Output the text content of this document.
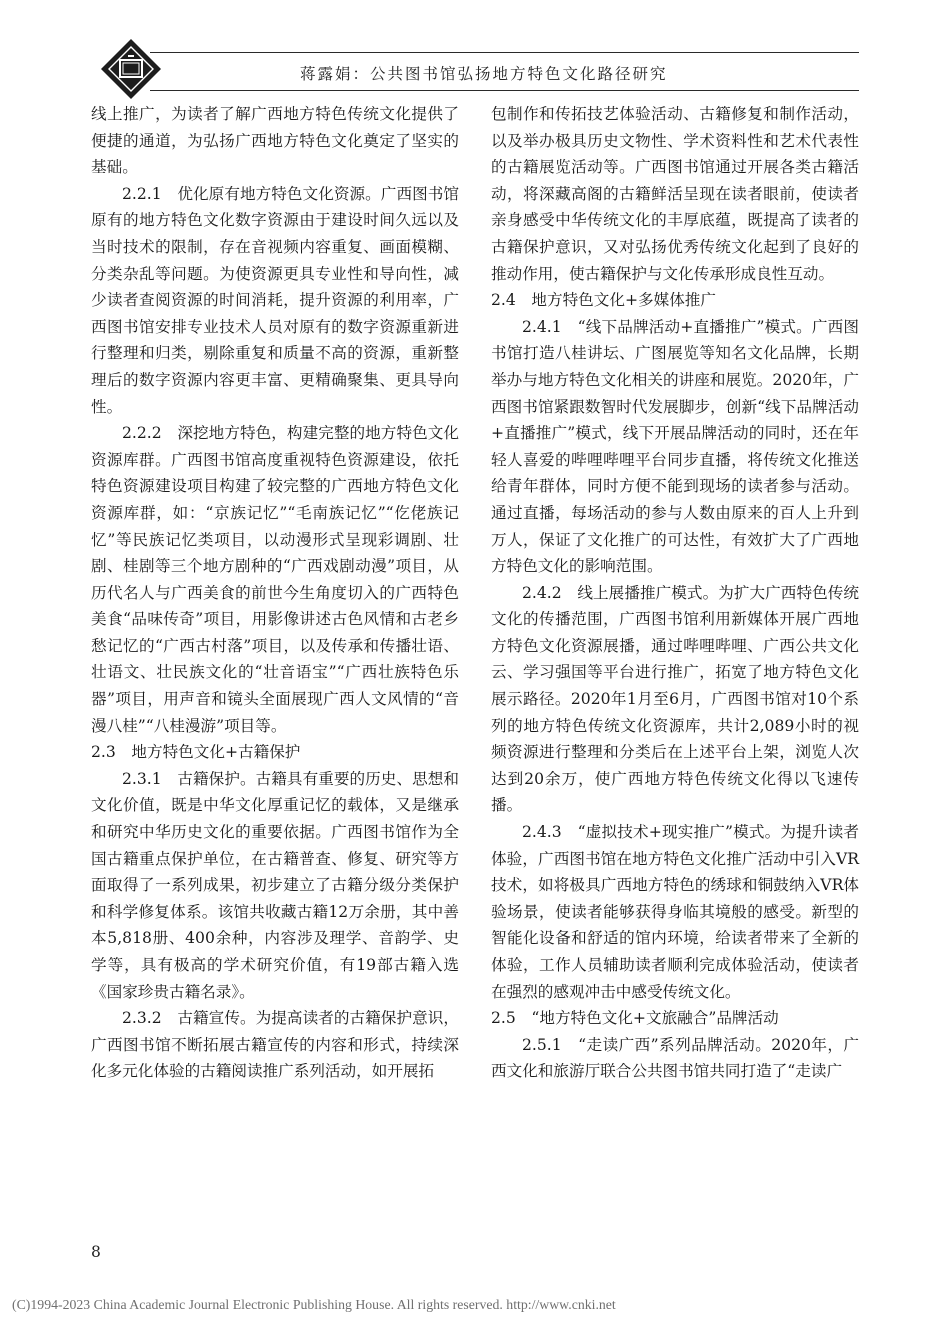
蒋露娟：公共图书馆弘扬地方特色文化路径研究

线上推广，为读者了解广西地方特色传统文化提供了便捷的通道，为弘扬广西地方特色文化奠定了坚实的基础。

2.2.1　优化原有地方特色文化资源。广西图书馆原有的地方特色文化数字资源由于建设时间久远以及当时技术的限制，存在音视频内容重复、画面模糊、分类杂乱等问题。为使资源更具专业性和导向性，减少读者查阅资源的时间消耗，提升资源的利用率，广西图书馆安排专业技术人员对原有的数字资源重新进行整理和归类，剔除重复和质量不高的资源，重新整理后的数字资源内容更丰富、更精确聚集、更具导向性。

2.2.2　深挖地方特色，构建完整的地方特色文化资源库群。广西图书馆高度重视特色资源建设，依托特色资源建设项目构建了较完整的广西地方特色文化资源库群，如：“京族记忆”“毛南族记忆”“仡佬族记忆”等民族记忆类项目，以动漫形式呈现彩调剧、壮剧、桂剧等三个地方剧种的“广西戏剧动漫”项目，从历代名人与广西美食的前世今生角度切入的广西特色美食“品味传奇”项目，用影像讲述古色风情和古老乡愁记忆的“广西古村落”项目，以及传承和传播壮语、壮语文、壮民族文化的“壮音语宝”“广西壮族特色乐器”项目，用声音和镜头全面展现广西人文风情的“音漫八桂”“八桂漫游”项目等。

2.3　地方特色文化+古籍保护

2.3.1　古籍保护。古籍具有重要的历史、思想和文化价值，既是中华文化厚重记忆的载体，又是继承和研究中华历史文化的重要依据。广西图书馆作为全国古籍重点保护单位，在古籍普查、修复、研究等方面取得了一系列成果，初步建立了古籍分级分类保护和科学修复体系。该馆共收藏古籍12万余册，其中善本5,818册、400余种，内容涉及理学、音韵学、史学等，具有极高的学术研究价值，有19部古籍入选《国家珍贵古籍名录》。

2.3.2　古籍宣传。为提高读者的古籍保护意识，广西图书馆不断拓展古籍宣传的内容和形式，持续深化多元化体验的古籍阅读推广系列活动，如开展拓

包制作和传拓技艺体验活动、古籍修复和制作活动，以及举办极具历史文物性、学术资料性和艺术代表性的古籍展览活动等。广西图书馆通过开展各类古籍活动，将深藏高阁的古籍鲜活呈现在读者眼前，使读者亲身感受中华传统文化的丰厚底蕴，既提高了读者的古籍保护意识，又对弘扬优秀传统文化起到了良好的推动作用，使古籍保护与文化传承形成良性互动。

2.4　地方特色文化+多媒体推广

2.4.1　“线下品牌活动+直播推广”模式。广西图书馆打造八桂讲坛、广图展览等知名文化品牌，长期举办与地方特色文化相关的讲座和展览。2020年，广西图书馆紧跟数智时代发展脚步，创新“线下品牌活动+直播推广”模式，线下开展品牌活动的同时，还在年轻人喜爱的哔哩哔哩平台同步直播，将传统文化推送给青年群体，同时方便不能到现场的读者参与活动。通过直播，每场活动的参与人数由原来的百人上升到万人，保证了文化推广的可达性，有效扩大了广西地方特色文化的影响范围。

2.4.2　线上展播推广模式。为扩大广西特色传统文化的传播范围，广西图书馆利用新媒体开展广西地方特色文化资源展播，通过哔哩哔哩、广西公共文化云、学习强国等平台进行推广，拓宽了地方特色文化展示路径。2020年1月至6月，广西图书馆对10个系列的地方特色传统文化资源库，共计2,089小时的视频资源进行整理和分类后在上述平台上架，浏览人次达到20余万，使广西地方特色传统文化得以飞速传播。

2.4.3　“虚拟技术+现实推广”模式。为提升读者体验，广西图书馆在地方特色文化推广活动中引入VR技术，如将极具广西地方特色的绣球和铜鼓纳入VR体验场景，使读者能够获得身临其境般的感受。新型的智能化设备和舒适的馆内环境，给读者带来了全新的体验，工作人员辅助读者顺利完成体验活动，使读者在强烈的感观冲击中感受传统文化。

2.5　“地方特色文化+文旅融合”品牌活动

2.5.1　“走读广西”系列品牌活动。2020年，广西文化和旅游厅联合公共图书馆共同打造了“走读广

8
(C)1994-2023 China Academic Journal Electronic Publishing House. All rights reserved. http://www.cnki.net
